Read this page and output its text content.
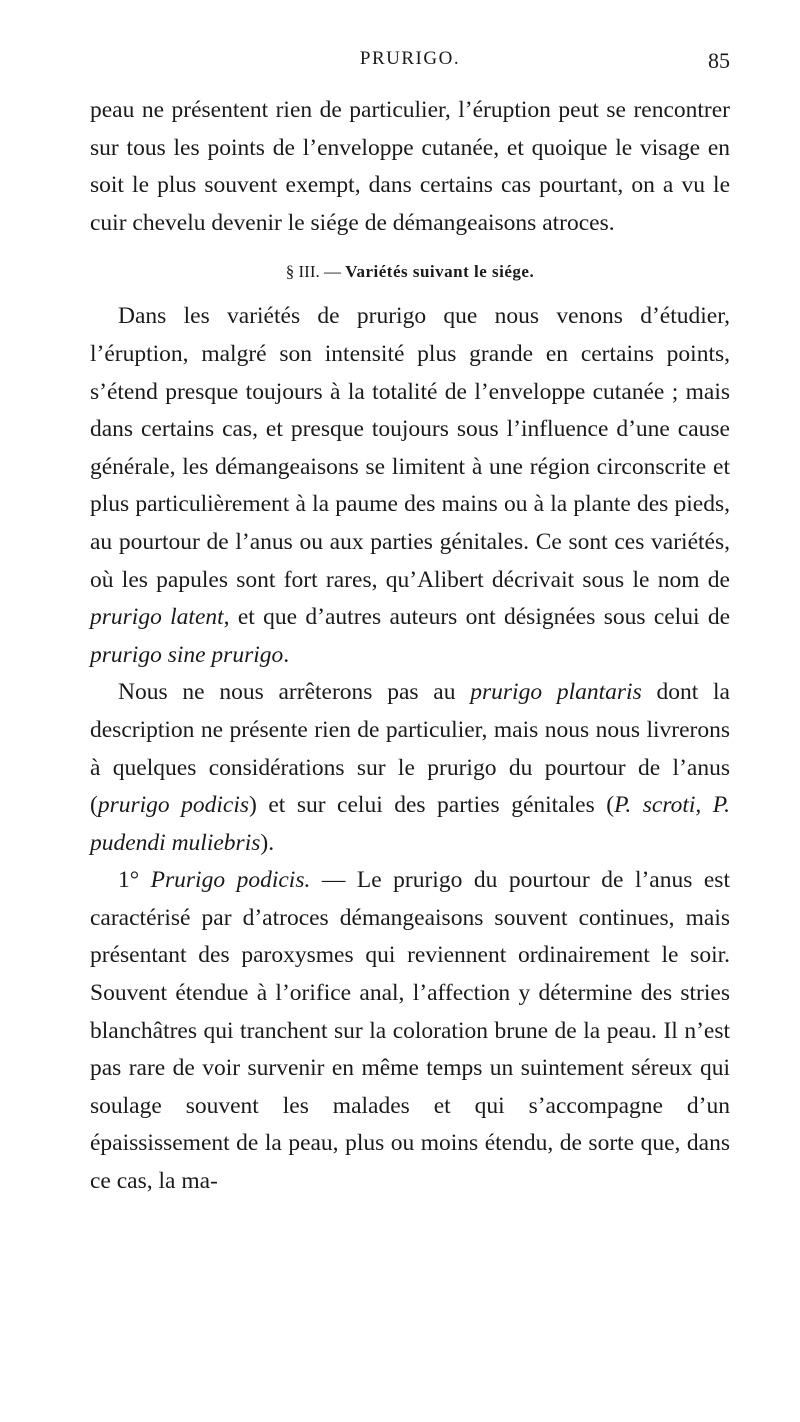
PRURIGO.	85

peau ne présentent rien de particulier, l’éruption peut se rencontrer sur tous les points de l’enveloppe cutanée, et quoique le visage en soit le plus souvent exempt, dans certains cas pourtant, on a vu le cuir chevelu devenir le siége de démangeaisons atroces.

§ III. — Variétés suivant le siége.

Dans les variétés de prurigo que nous venons d’étudier, l’éruption, malgré son intensité plus grande en certains points, s’étend presque toujours à la totalité de l’enveloppe cutanée ; mais dans certains cas, et presque toujours sous l’influence d’une cause générale, les démangeaisons se limitent à une région circonscrite et plus particulièrement à la paume des mains ou à la plante des pieds, au pourtour de l’anus ou aux parties génitales. Ce sont ces variétés, où les papules sont fort rares, qu’Alibert décrivait sous le nom de prurigo latent, et que d’autres auteurs ont désignées sous celui de prurigo sine prurigo.

Nous ne nous arrêterons pas au prurigo plantaris dont la description ne présente rien de particulier, mais nous nous livrerons à quelques considérations sur le prurigo du pourtour de l’anus (prurigo podicis) et sur celui des parties génitales (P. scroti, P. pudendi muliebris).

1° Prurigo podicis. — Le prurigo du pourtour de l’anus est caractérisé par d’atroces démangeaisons souvent continues, mais présentant des paroxysmes qui reviennent ordinairement le soir. Souvent étendue à l’orifice anal, l’affection y détermine des stries blanchâtres qui tranchent sur la coloration brune de la peau. Il n’est pas rare de voir survenir en même temps un suintement séreux qui soulage souvent les malades et qui s’accompagne d’un épaississement de la peau, plus ou moins étendu, de sorte que, dans ce cas, la ma-
